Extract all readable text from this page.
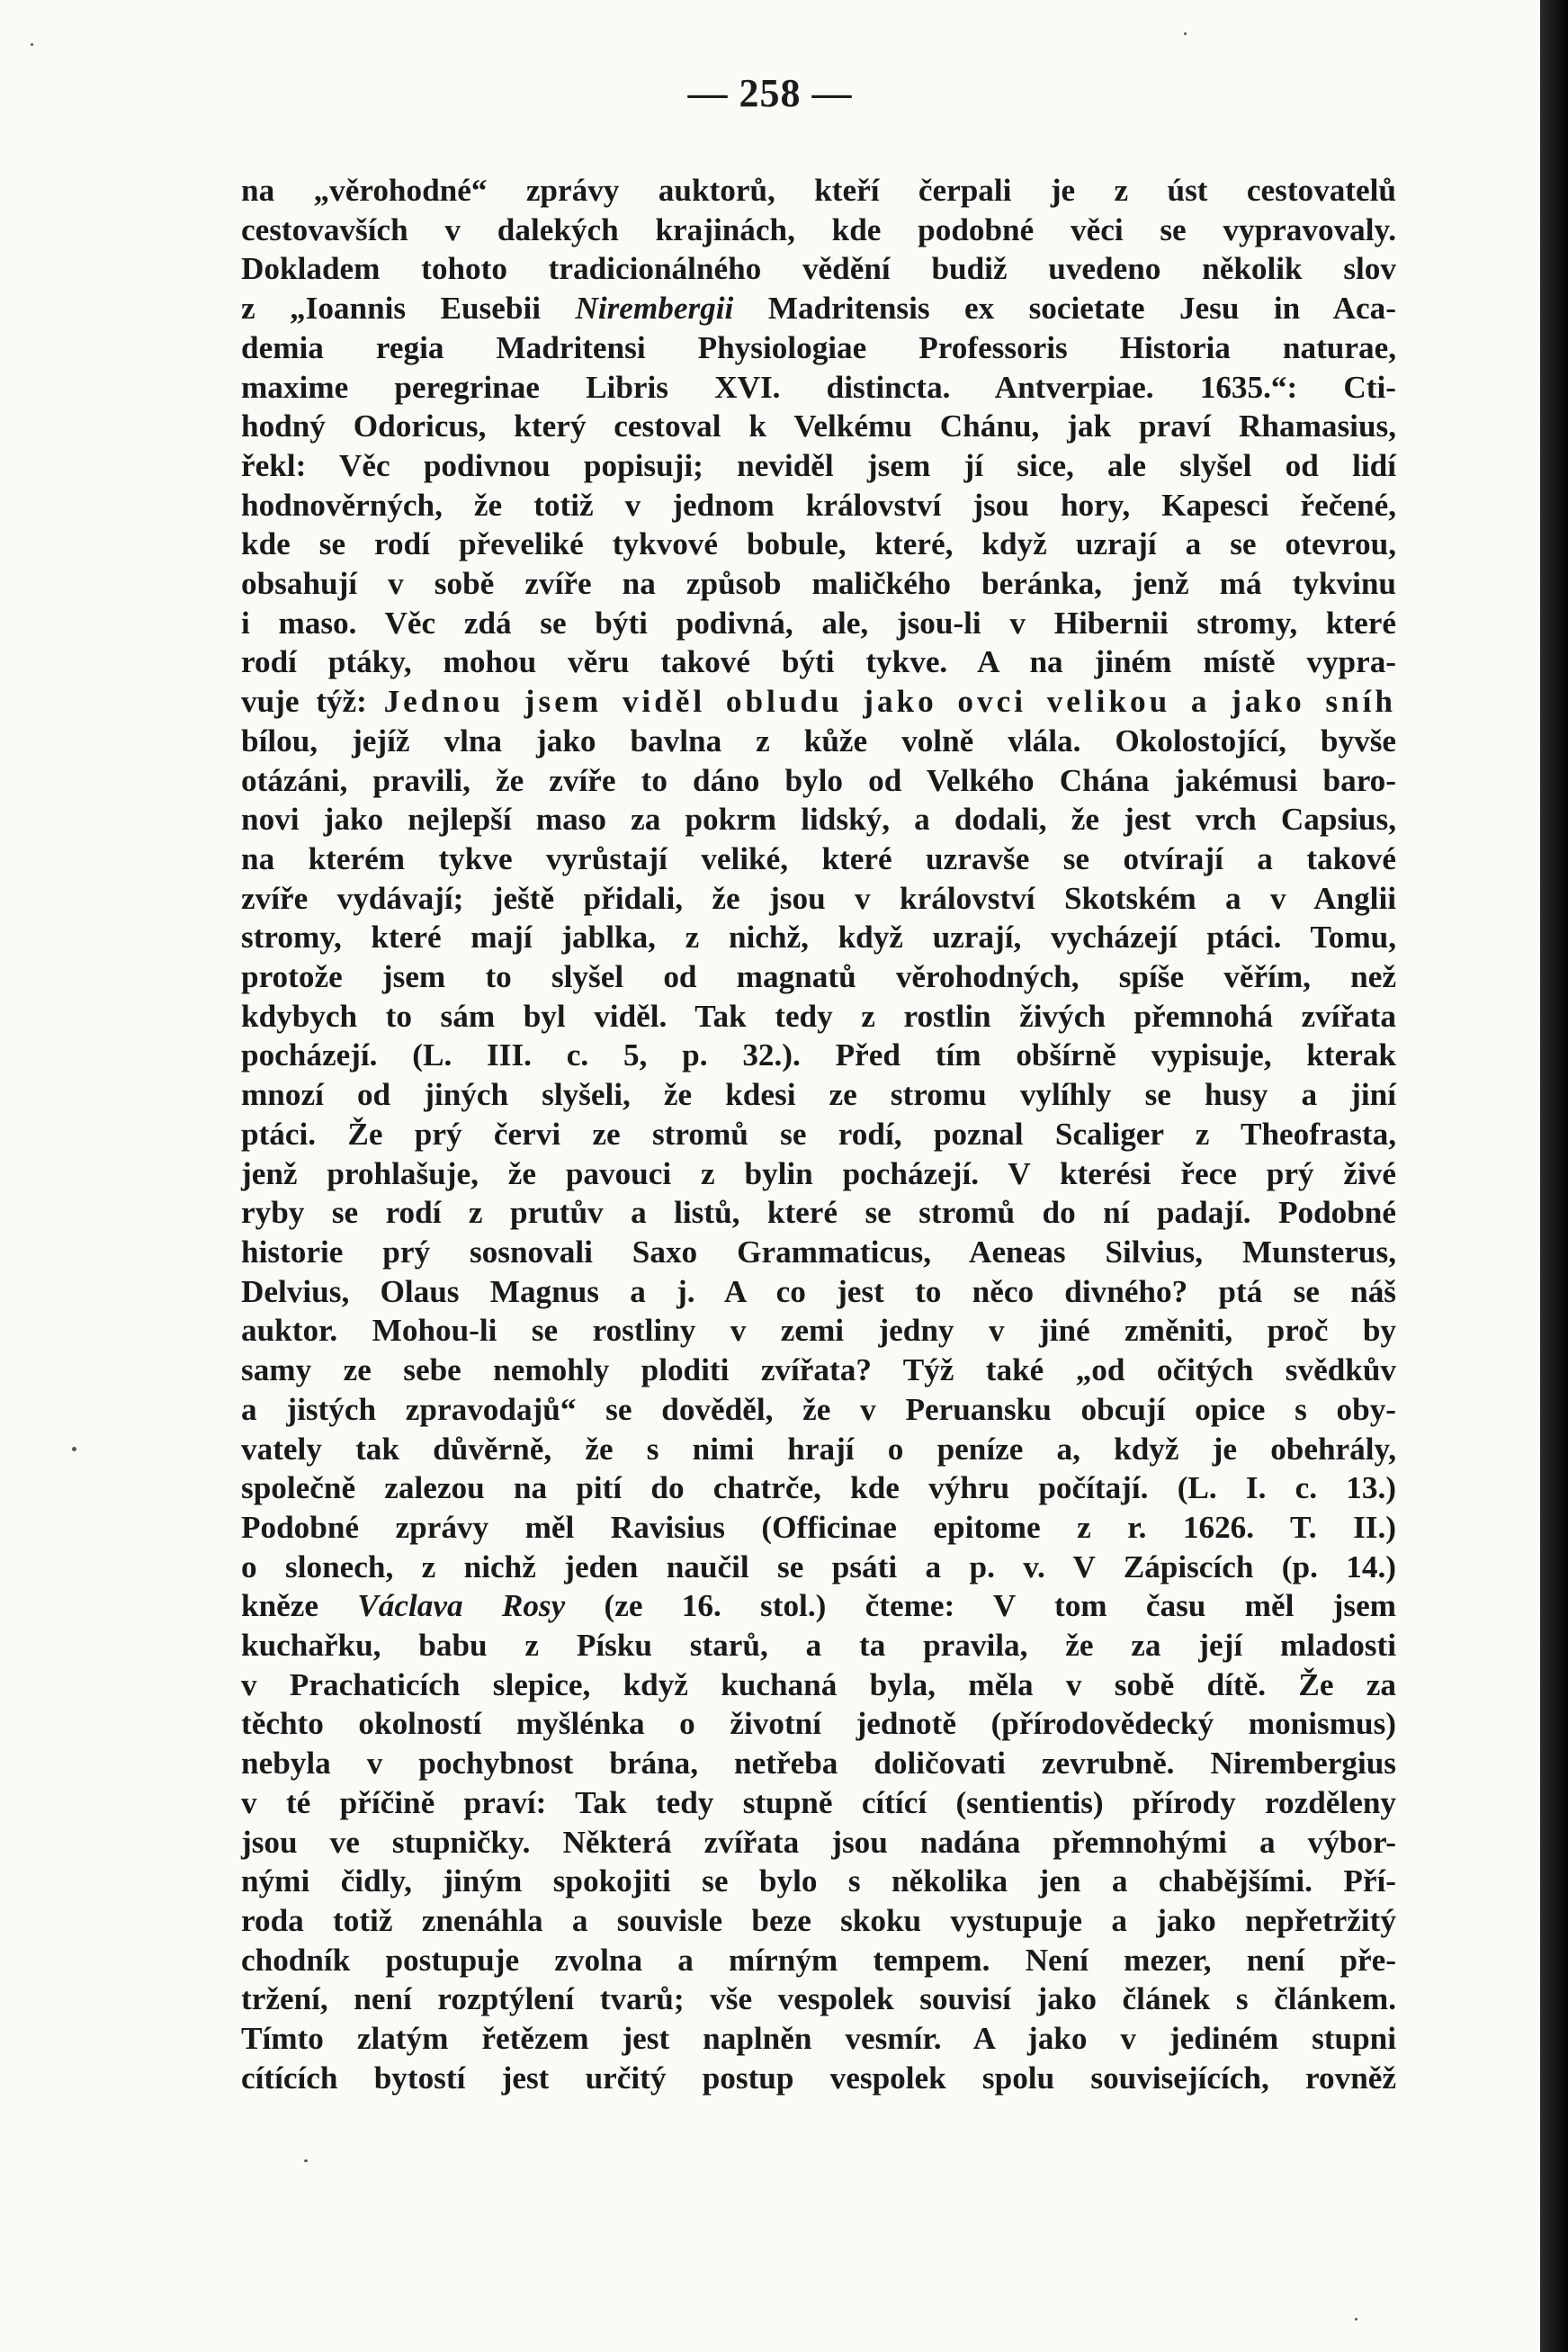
— 258 —
na „věrohodné“ zprávy auktorů, kteří čerpali je z úst cestovatelů
cestovavších v dalekých krajinách, kde podobné věci se vypravovaly.
Dokladem tohoto tradicionálného vědění budiž uvedeno několik slov
z „Ioannis Eusebii Nirembergii Madritensis ex societate Jesu in Aca-
demia regia Madritensi Physiologiae Professoris Historia naturae,
maxime peregrinae Libris XVI. distincta. Antverpiae. 1635.“: Cti-
hodný Odoricus, který cestoval k Velkému Chánu, jak praví Rhamasius,
řekl: Věc podivnou popisuji; neviděl jsem jí sice, ale slyšel od lidí
hodnověrných, že totiž v jednom království jsou hory, Kapesci řečené,
kde se rodí převeliké tykvové bobule, které, když uzrají a se otevrou,
obsahují v sobě zvíře na způsob maličkého beránka, jenž má tykvinu
i maso. Věc zdá se býti podivná, ale, jsou-li v Hibernii stromy, které
rodí ptáky, mohou věru takové býti tykve. A na jiném místě vypra-
vuje týž: Jednou jsem viděl obludu jako ovci velikou a jako sníh
bílou, jejíž vlna jako bavlna z kůže volně vlála. Okolostojící, byvše
otázáni, pravili, že zvíře to dáno bylo od Velkého Chána jakémusi baro-
novi jako nejlepší maso za pokrm lidský, a dodali, že jest vrch Capsius,
na kterém tykve vyrůstají veliké, které uzravše se otvírají a takové
zvíře vydávají; ještě přidali, že jsou v království Skotském a v Anglii
stromy, které mají jablka, z nichž, když uzrají, vycházejí ptáci. Tomu,
protože jsem to slyšel od magnatů věrohodných, spíše věřím, než
kdybych to sám byl viděl. Tak tedy z rostlin živých přemnohá zvířata
pocházejí. (L. III. c. 5, p. 32.). Před tím obšírně vypisuje, kterak
mnozí od jiných slyšeli, že kdesi ze stromu vylíhly se husy a jiní
ptáci. Že prý červi ze stromů se rodí, poznal Scaliger z Theofrasta,
jenž prohlašuje, že pavouci z bylin pocházejí. V kterési řece prý živé
ryby se rodí z prutův a listů, které se stromů do ní padají. Podobné
historie prý sosnovali Saxo Grammaticus, Aeneas Silvius, Munsterus,
Delvius, Olaus Magnus a j. A co jest to něco divného? ptá se náš
auktor. Mohou-li se rostliny v zemi jedny v jiné změniti, proč by
samy ze sebe nemohly ploditi zvířata? Týž také „od očitých svědkův
a jistých zpravodajů“ se dověděl, že v Peruansku obcují opice s oby-
vately tak důvěrně, že s nimi hrají o peníze a, když je obehrály,
společně zalezou na pití do chatrče, kde výhru počítají. (L. I. c. 13.)
Podobné zprávy měl Ravisius (Officinae epitome z r. 1626. T. II.)
o slonech, z nichž jeden naučil se psáti a p. v. V Zápiscích (p. 14.)
kněze Václava Rosy (ze 16. stol.) čteme: V tom času měl jsem
kuchařku, babu z Písku starů, a ta pravila, že za její mladosti
v Prachaticích slepice, když kuchaná byla, měla v sobě dítě. Že za
těchto okolností myšlénka o životní jednotě (přírodovědecký monismus)
nebyla v pochybnost brána, netřeba doličovati zevrubně. Nirembergius
v té příčině praví: Tak tedy stupně cítící (sentientis) přírody rozděleny
jsou ve stupničky. Některá zvířata jsou nadána přemnohými a výbor-
nými čidly, jiným spokojiti se bylo s několika jen a chabějšími. Pří-
roda totiž znenáhla a souvisle beze skoku vystupuje a jako nepřetržitý
chodník postupuje zvolna a mírným tempem. Není mezer, není pře-
tržení, není rozptýlení tvarů; vše vespolek souvisí jako článek s článkem.
Tímto zlatým řetězem jest naplněn vesmír. A jako v jediném stupni
cítících bytostí jest určitý postup vespolek spolu souvisejících, rovněž
